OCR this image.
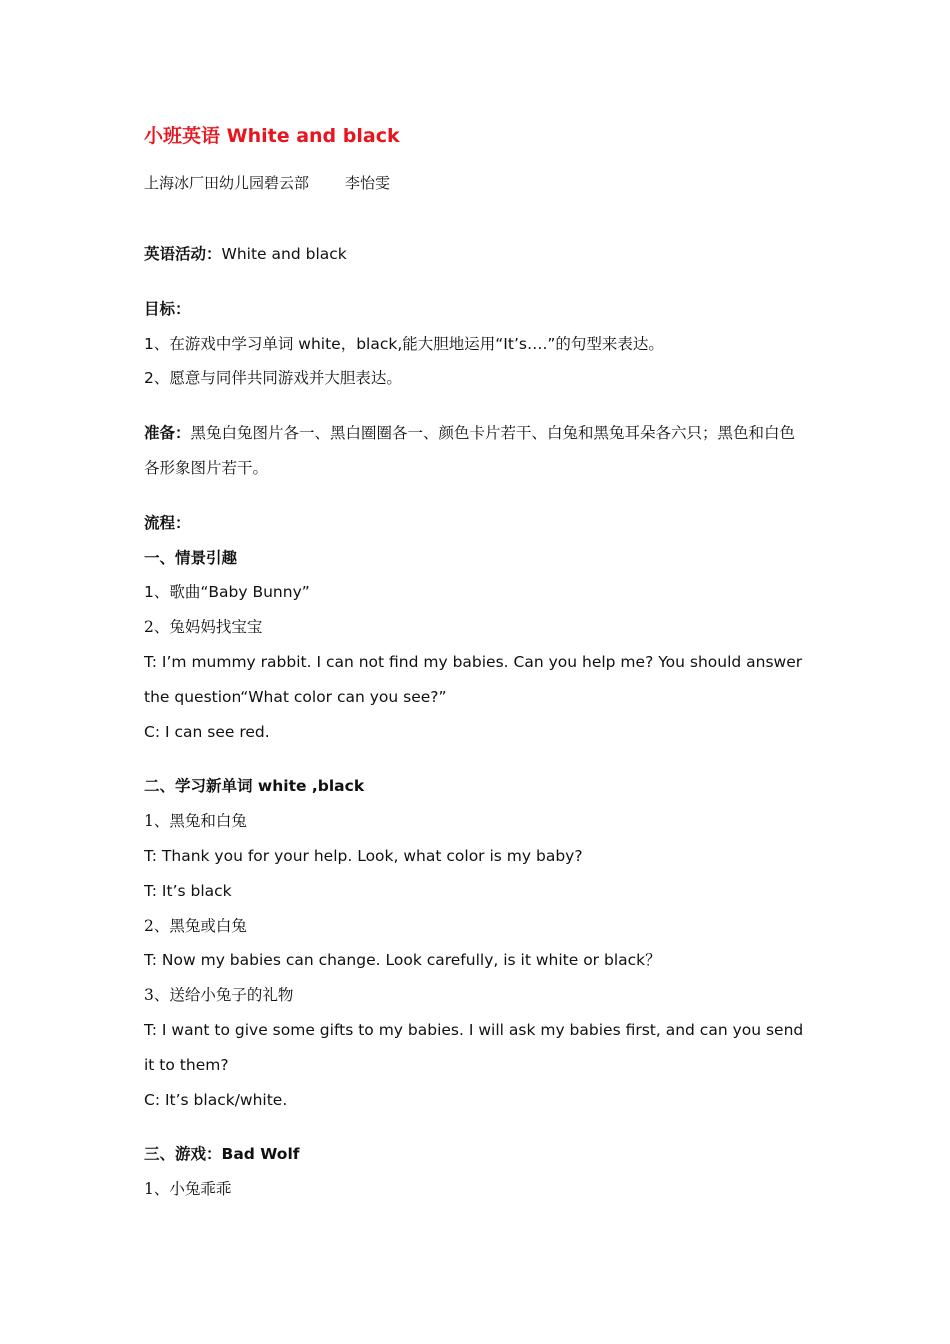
小班英语 White and black
上海冰厂田幼儿园碧云部 李怡雯

英语活动：White and black

目标：

1、在游戏中学习单词 white，black,能大胆地运用“It’s….”的句型来表达。

2、愿意与同伴共同游戏并大胆表达。

准备：黑兔白兔图片各一、黑白圈圈各一、颜色卡片若干、白兔和黑兔耳朵各六只；黑色和白色各形象图片若干。

流程：

一、情景引趣

1、歌曲“Baby Bunny”

2、兔妈妈找宝宝

T: I’m mummy rabbit. I can not find my babies. Can you help me? You should answer the question“What color can you see?”

C: I can see red.

二、学习新单词 white ,black

1、黑兔和白兔

T: Thank you for your help. Look, what color is my baby?

T: It’s black

2、黑兔或白兔

T: Now my babies can change. Look carefully, is it white or black？

3、送给小兔子的礼物

T: I want to give some gifts to my babies. I will ask my babies first, and can you send it to them?

C: It’s black/white.

三、游戏：Bad Wolf

1、小兔乖乖
